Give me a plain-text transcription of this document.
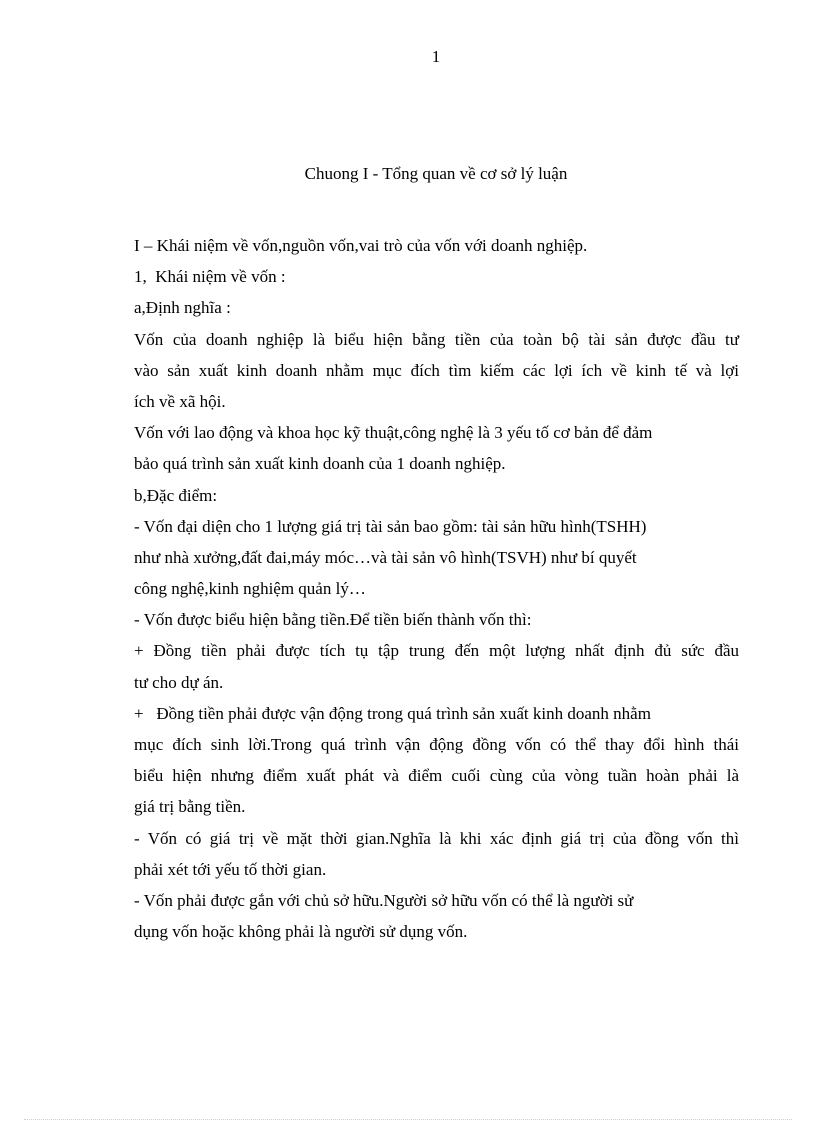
1
Chuong I - Tổng quan về cơ sở lý luận
I – Khái niệm về vốn,nguồn vốn,vai trò của vốn với doanh nghiệp.
1,  Khái niệm về vốn :
a,Định nghĩa :
Vốn của doanh nghiệp là biểu hiện bằng tiền của toàn bộ tài sản được đầu tư
vào sản xuất kinh doanh nhằm mục đích tìm kiếm các lợi ích về kinh tế và lợi
ích về xã hội.
Vốn với lao động và khoa học kỹ thuật,công nghệ là 3 yếu tố cơ bản để đảm
bảo quá trình sản xuất kinh doanh của 1 doanh nghiệp.
b,Đặc điểm:
- Vốn đại diện cho 1 lượng giá trị tài sản bao gồm: tài sản hữu hình(TSHH)
như nhà xưởng,đất đai,máy móc…và tài sản vô hình(TSVH) như bí quyết
công nghệ,kinh nghiệm quản lý…
- Vốn được biểu hiện bằng tiền.Để tiền biến thành vốn thì:
+ Đồng tiền phải được tích tụ tập trung đến một lượng nhất định đủ sức đầu
tư cho dự án.
+   Đồng tiền phải được vận động trong quá trình sản xuất kinh doanh nhằm
mục đích sinh lời.Trong quá trình vận động đồng vốn có thể thay đổi hình thái
biểu hiện nhưng điểm xuất phát và điểm cuối cùng của vòng tuần hoàn phải là
giá trị bằng tiền.
- Vốn có giá trị về mặt thời gian.Nghĩa là khi xác định giá trị của đồng vốn thì
phải xét tới yếu tố thời gian.
- Vốn phải được gắn với chủ sở hữu.Người sở hữu vốn có thể là người sử
dụng vốn hoặc không phải là người sử dụng vốn.
